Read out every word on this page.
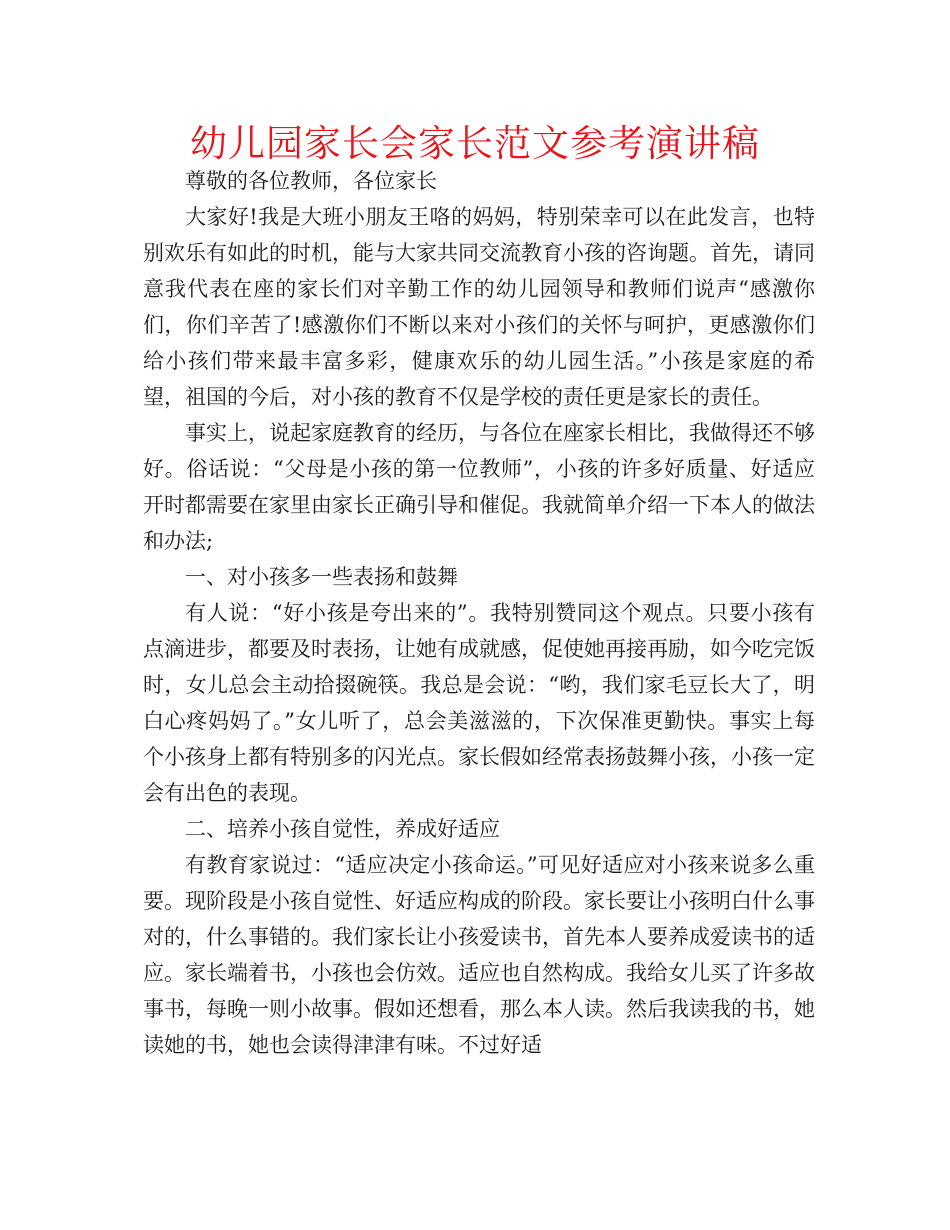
幼儿园家长会家长范文参考演讲稿

尊敬的各位教师，各位家长

大家好!我是大班小朋友王咯的妈妈，特别荣幸可以在此发言，也特别欢乐有如此的时机，能与大家共同交流教育小孩的咨询题。首先，请同意我代表在座的家长们对辛勤工作的幼儿园领导和教师们说声“感激你们，你们辛苦了!感激你们不断以来对小孩们的关怀与呵护，更感激你们给小孩们带来最丰富多彩，健康欢乐的幼儿园生活。”小孩是家庭的希望，祖国的今后，对小孩的教育不仅是学校的责任更是家长的责任。

事实上，说起家庭教育的经历，与各位在座家长相比，我做得还不够好。俗话说：“父母是小孩的第一位教师”，小孩的许多好质量、好适应开时都需要在家里由家长正确引导和催促。我就简单介绍一下本人的做法和办法;

一、对小孩多一些表扬和鼓舞

有人说：“好小孩是夸出来的”。我特别赞同这个观点。只要小孩有点滴进步，都要及时表扬，让她有成就感，促使她再接再励，如今吃完饭时，女儿总会主动拾掇碗筷。我总是会说：“哟，我们家毛豆长大了，明白心疼妈妈了。”女儿听了，总会美滋滋的，下次保准更勤快。事实上每个小孩身上都有特别多的闪光点。家长假如经常表扬鼓舞小孩，小孩一定会有出色的表现。

二、培养小孩自觉性，养成好适应

有教育家说过：“适应决定小孩命运。”可见好适应对小孩来说多么重要。现阶段是小孩自觉性、好适应构成的阶段。家长要让小孩明白什么事对的，什么事错的。我们家长让小孩爱读书，首先本人要养成爱读书的适应。家长端着书，小孩也会仿效。适应也自然构成。我给女儿买了许多故事书，每晚一则小故事。假如还想看，那么本人读。然后我读我的书，她读她的书，她也会读得津津有味。不过好适
